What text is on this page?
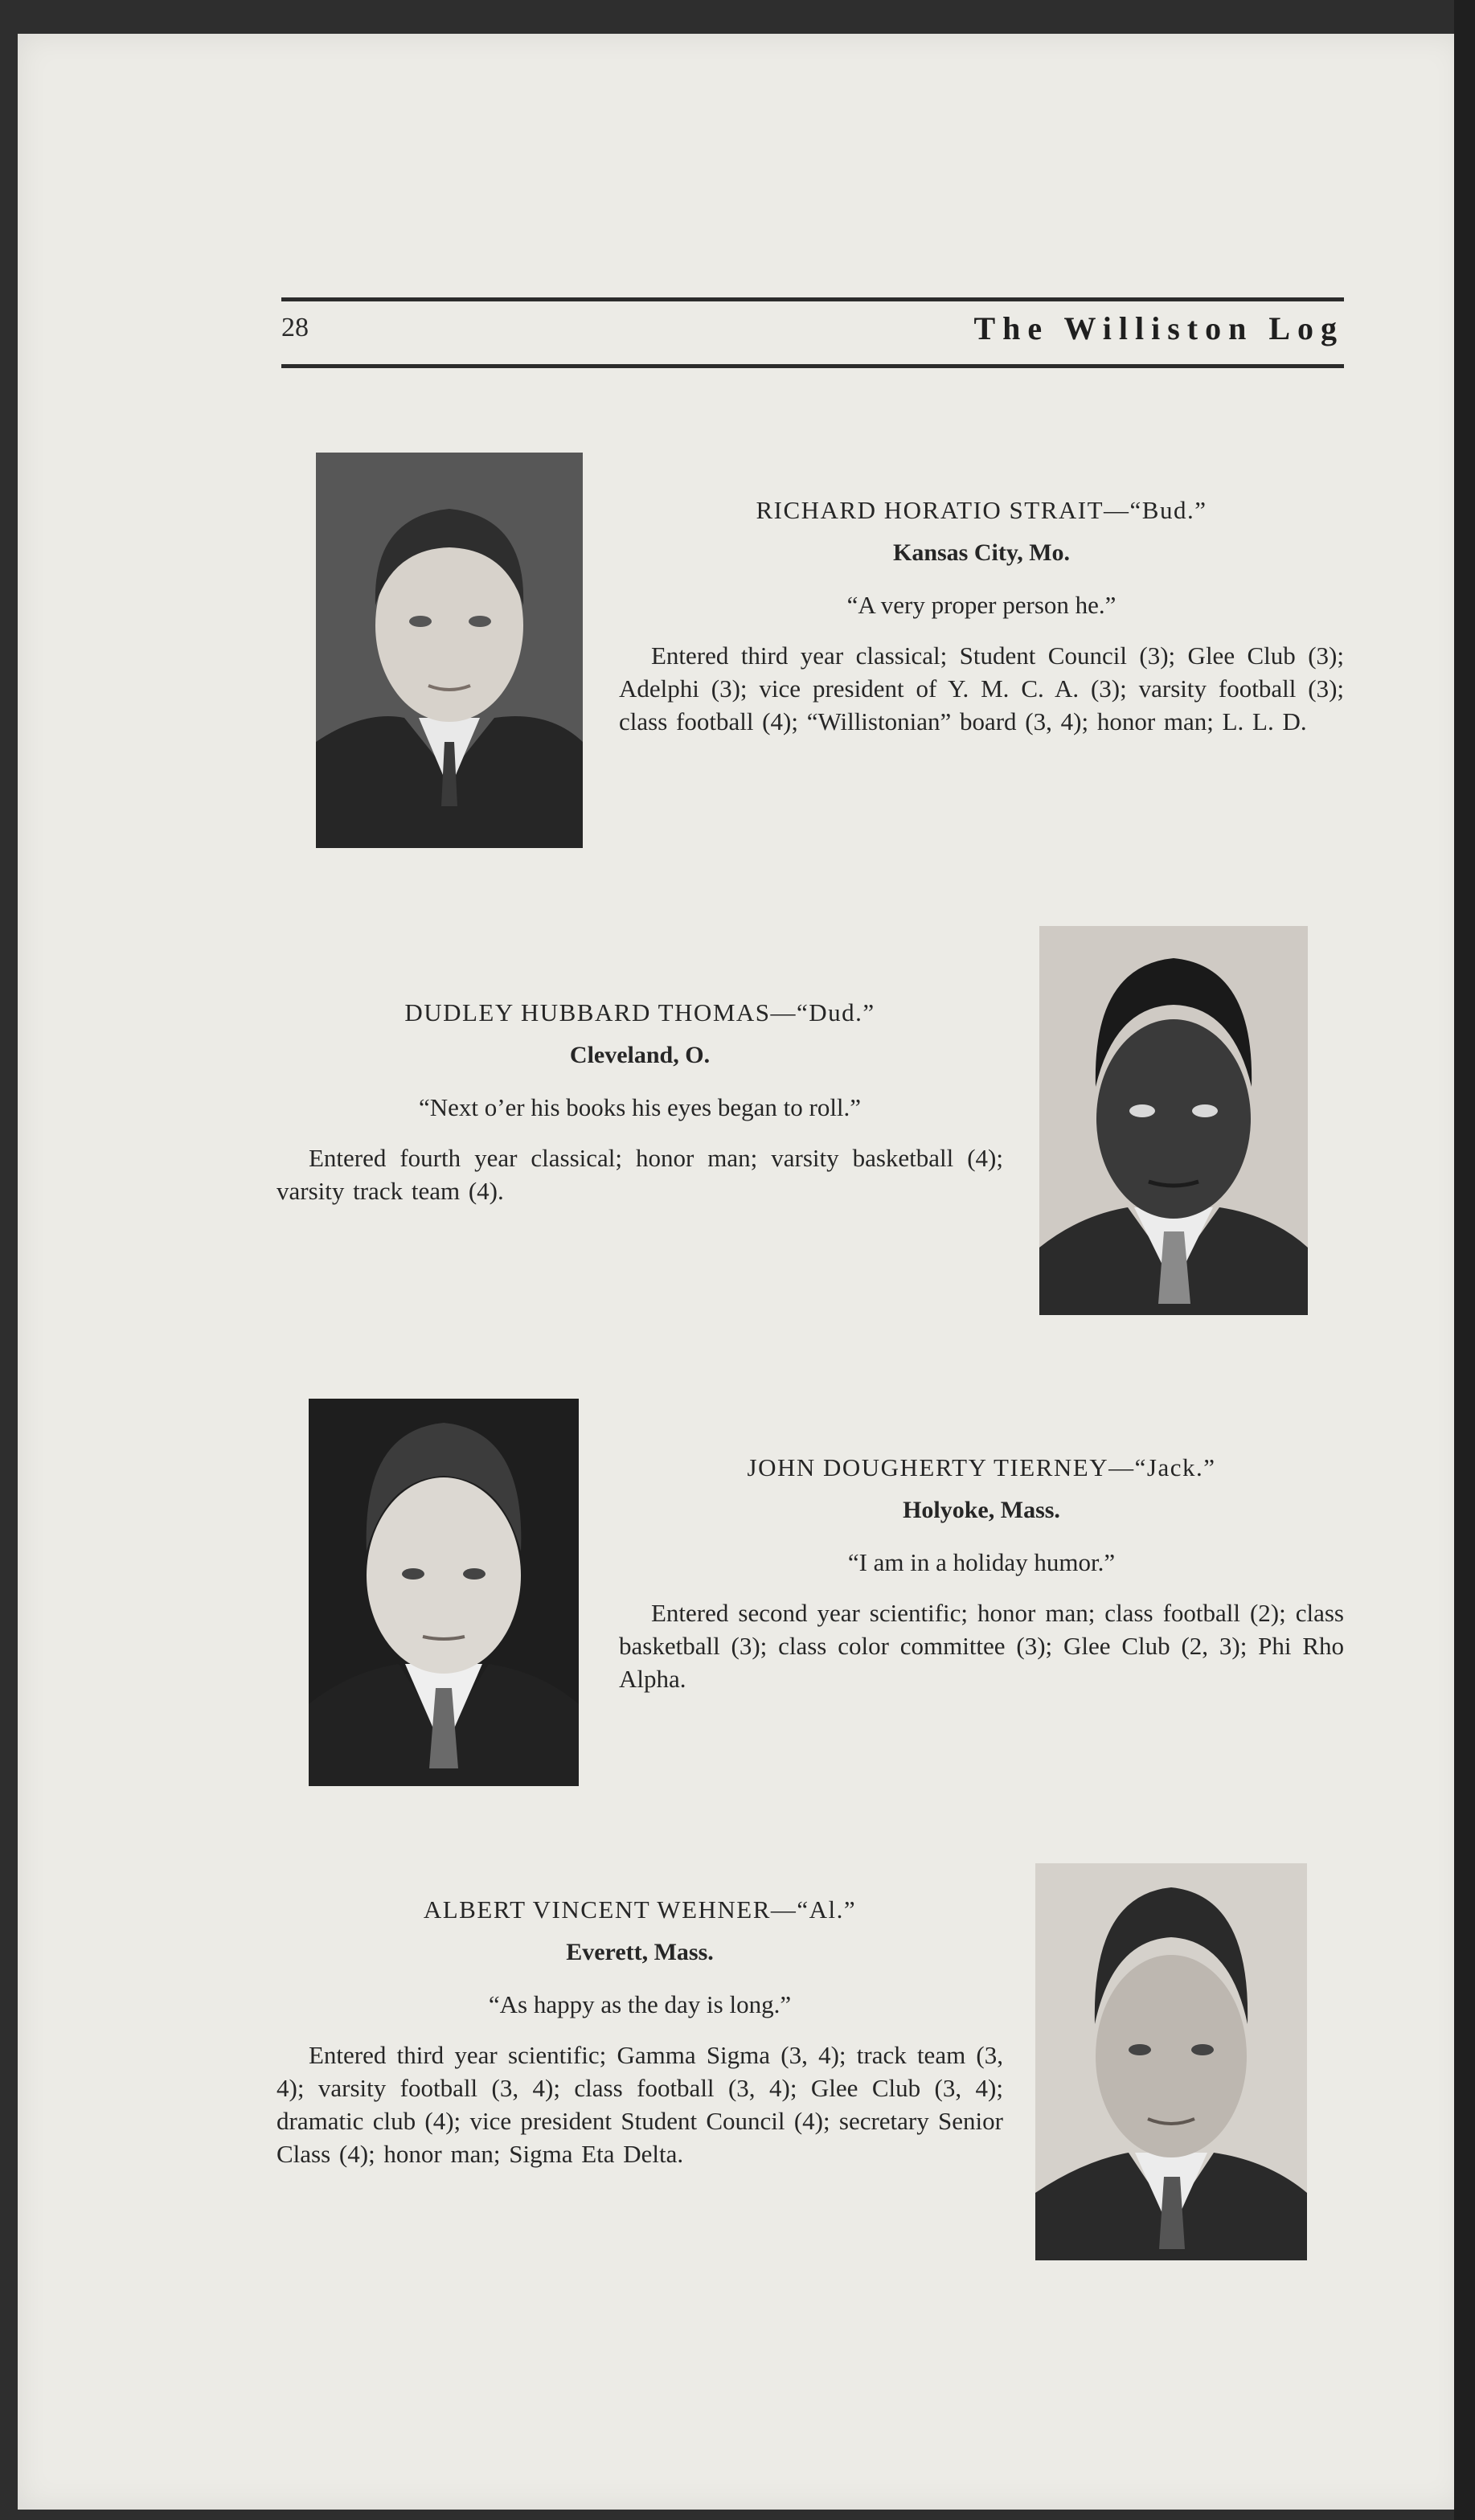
28	The Williston Log

RICHARD HORATIO STRAIT—“Bud.”

Kansas City, Mo.

“A very proper person he.”

Entered third year classical; Student Council (3); Glee Club (3); Adelphi (3); vice president of Y. M. C. A. (3); varsity football (3); class football (4); “Willistonian” board (3, 4); honor man; L. L. D.

DUDLEY HUBBARD THOMAS—“Dud.”

Cleveland, O.

“Next o’er his books his eyes began to roll.”

Entered fourth year classical; honor man; varsity basketball (4); varsity track team (4).

JOHN DOUGHERTY TIERNEY—“Jack.”

Holyoke, Mass.

“I am in a holiday humor.”

Entered second year scientific; honor man; class football (2); class basketball (3); class color committee (3); Glee Club (2, 3); Phi Rho Alpha.

ALBERT VINCENT WEHNER—“Al.”

Everett, Mass.

“As happy as the day is long.”

Entered third year scientific; Gamma Sigma (3, 4); track team (3, 4); varsity football (3, 4); class football (3, 4); Glee Club (3, 4); dramatic club (4); vice president Student Council (4); secretary Senior Class (4); honor man; Sigma Eta Delta.
